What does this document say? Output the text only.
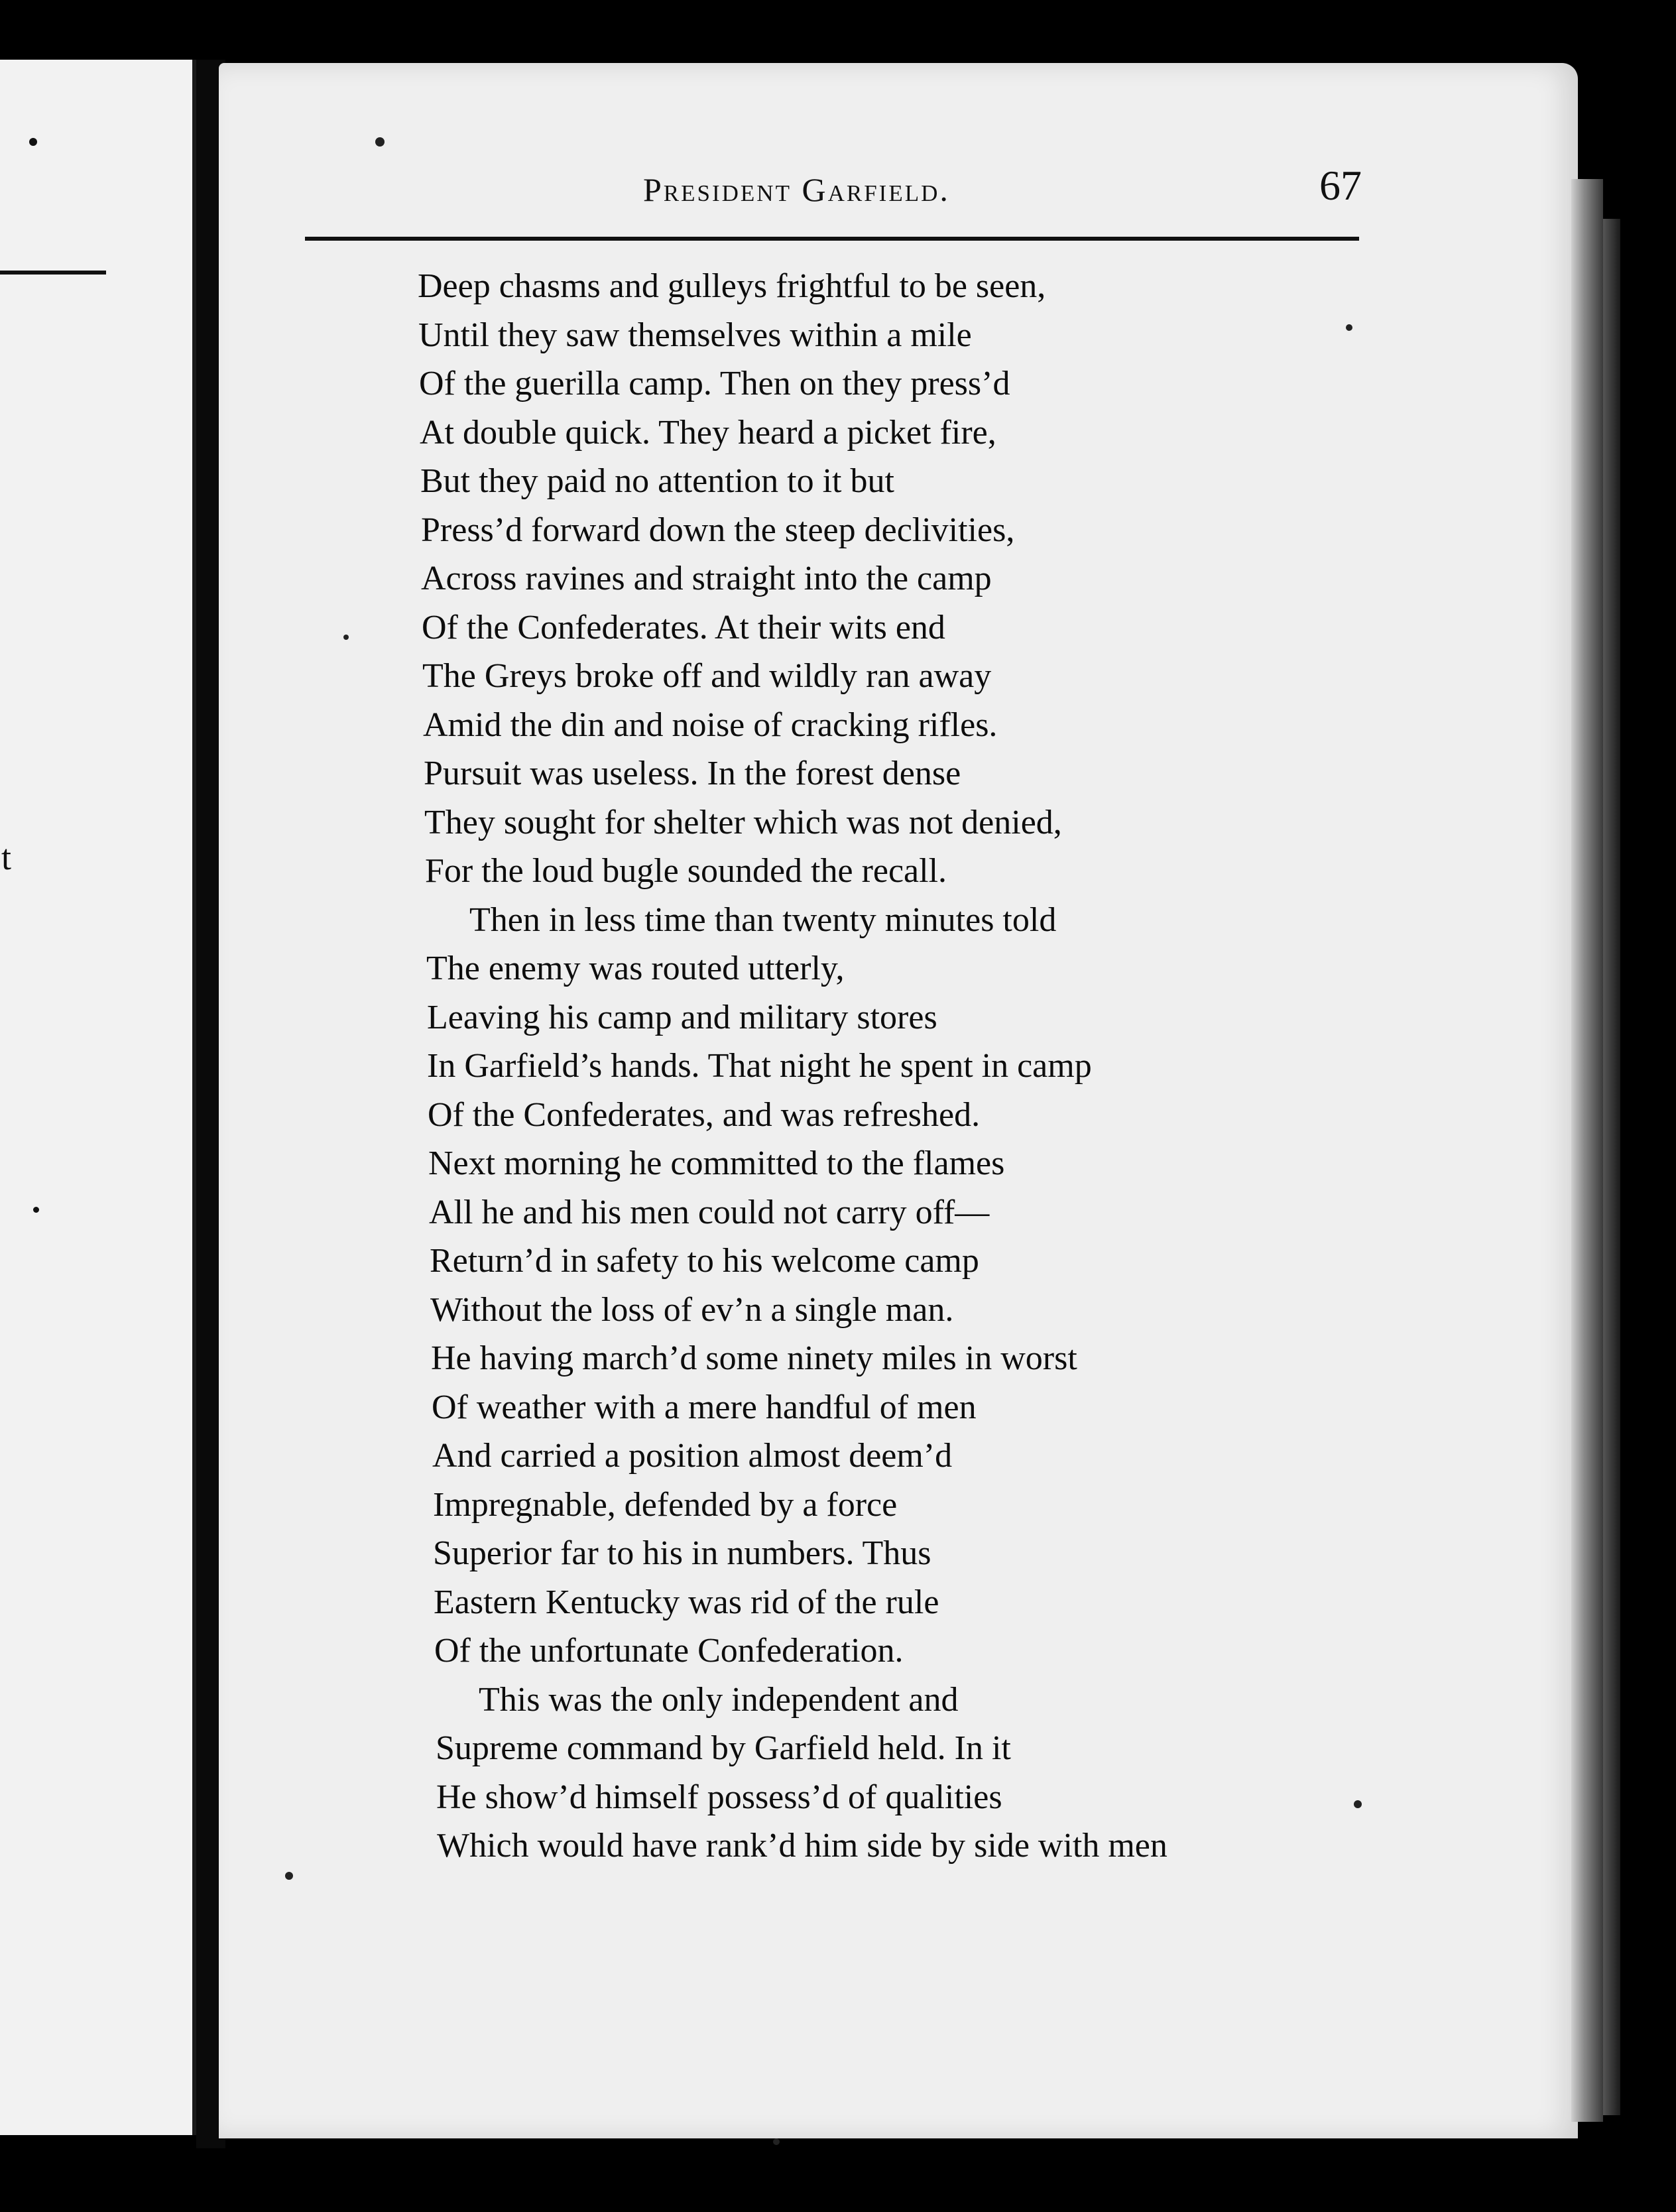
t
President Garfield.	67
Deep chasms and gulleys frightful to be seen,
Until they saw themselves within a mile
Of the guerilla camp. Then on they press’d
At double quick. They heard a picket fire,
But they paid no attention to it but
Press’d forward down the steep declivities,
Across ravines and straight into the camp
Of the Confederates. At their wits end
The Greys broke off and wildly ran away
Amid the din and noise of cracking rifles.
Pursuit was useless. In the forest dense
They sought for shelter which was not denied,
For the loud bugle sounded the recall.
Then in less time than twenty minutes told
The enemy was routed utterly,
Leaving his camp and military stores
In Garfield’s hands. That night he spent in camp
Of the Confederates, and was refreshed.
Next morning he committed to the flames
All he and his men could not carry off—
Return’d in safety to his welcome camp
Without the loss of ev’n a single man.
He having march’d some ninety miles in worst
Of weather with a mere handful of men
And carried a position almost deem’d
Impregnable, defended by a force
Superior far to his in numbers. Thus
Eastern Kentucky was rid of the rule
Of the unfortunate Confederation.
This was the only independent and
Supreme command by Garfield held. In it
He show’d himself possess’d of qualities
Which would have rank’d him side by side with men
